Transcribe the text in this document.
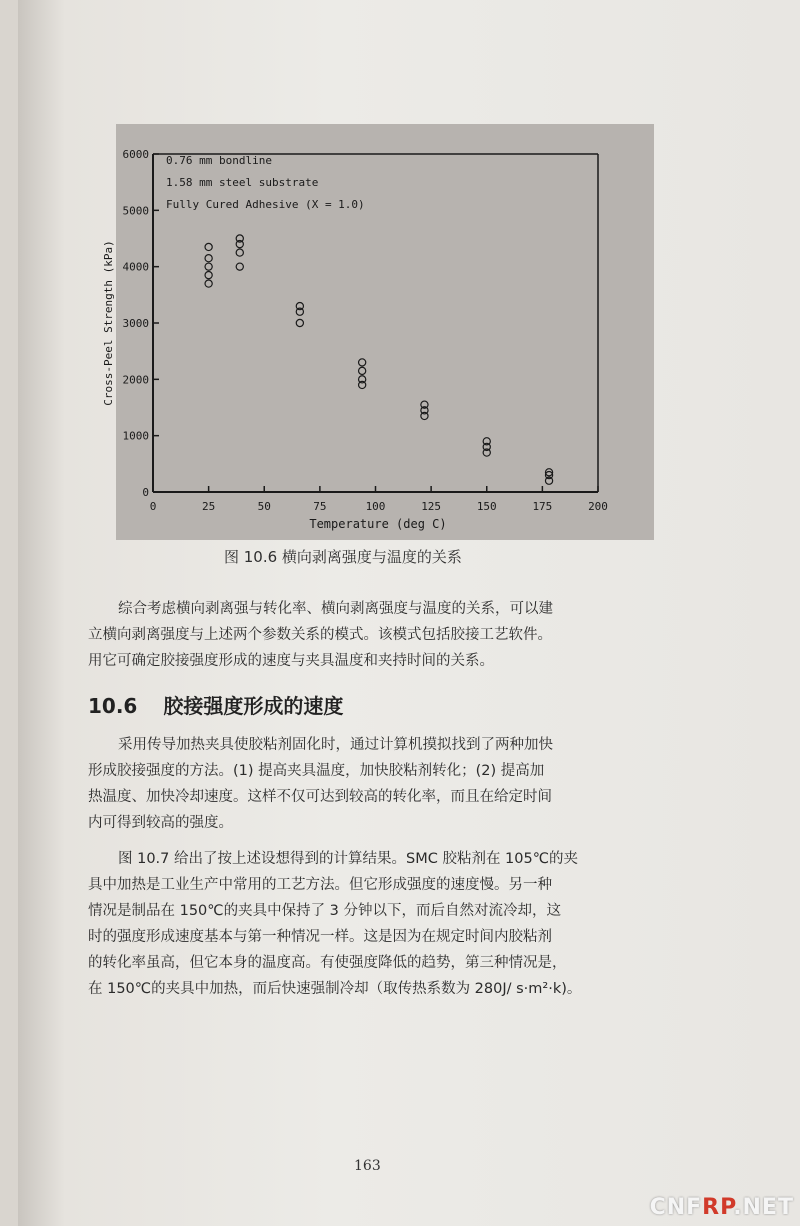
0	25	50	75	100	125	150	175	200
0
1000
2000
3000
4000
5000
6000 0.76 mm bondline
1.58 mm steel substrate
Fully Cured Adhesive (X = 1.0)
Temperature (deg C)
Cross-Peel Strength (kPa)
图 10.6 横向剥离强度与温度的关系
综合考虑横向剥离强与转化率、横向剥离强度与温度的关系，可以建
立横向剥离强度与上述两个参数关系的模式。该模式包括胶接工艺软件。
用它可确定胶接强度形成的速度与夹具温度和夹持时间的关系。
10.6 胶接强度形成的速度
采用传导加热夹具使胶粘剂固化时，通过计算机摸拟找到了两种加快
形成胶接强度的方法。(1) 提高夹具温度，加快胶粘剂转化；(2) 提高加
热温度、加快冷却速度。这样不仅可达到较高的转化率，而且在给定时间
内可得到较高的强度。
图 10.7 给出了按上述设想得到的计算结果。SMC 胶粘剂在 105℃的夹
具中加热是工业生产中常用的工艺方法。但它形成强度的速度慢。另一种
情况是制品在 150℃的夹具中保持了 3 分钟以下，而后自然对流冷却，这
时的强度形成速度基本与第一种情况一样。这是因为在规定时间内胶粘剂
的转化率虽高，但它本身的温度高。有使强度降低的趋势，第三种情况是，
在 150℃的夹具中加热，而后快速强制冷却（取传热系数为 280J/ s·m²·k)。
163
CNFRP.NET
